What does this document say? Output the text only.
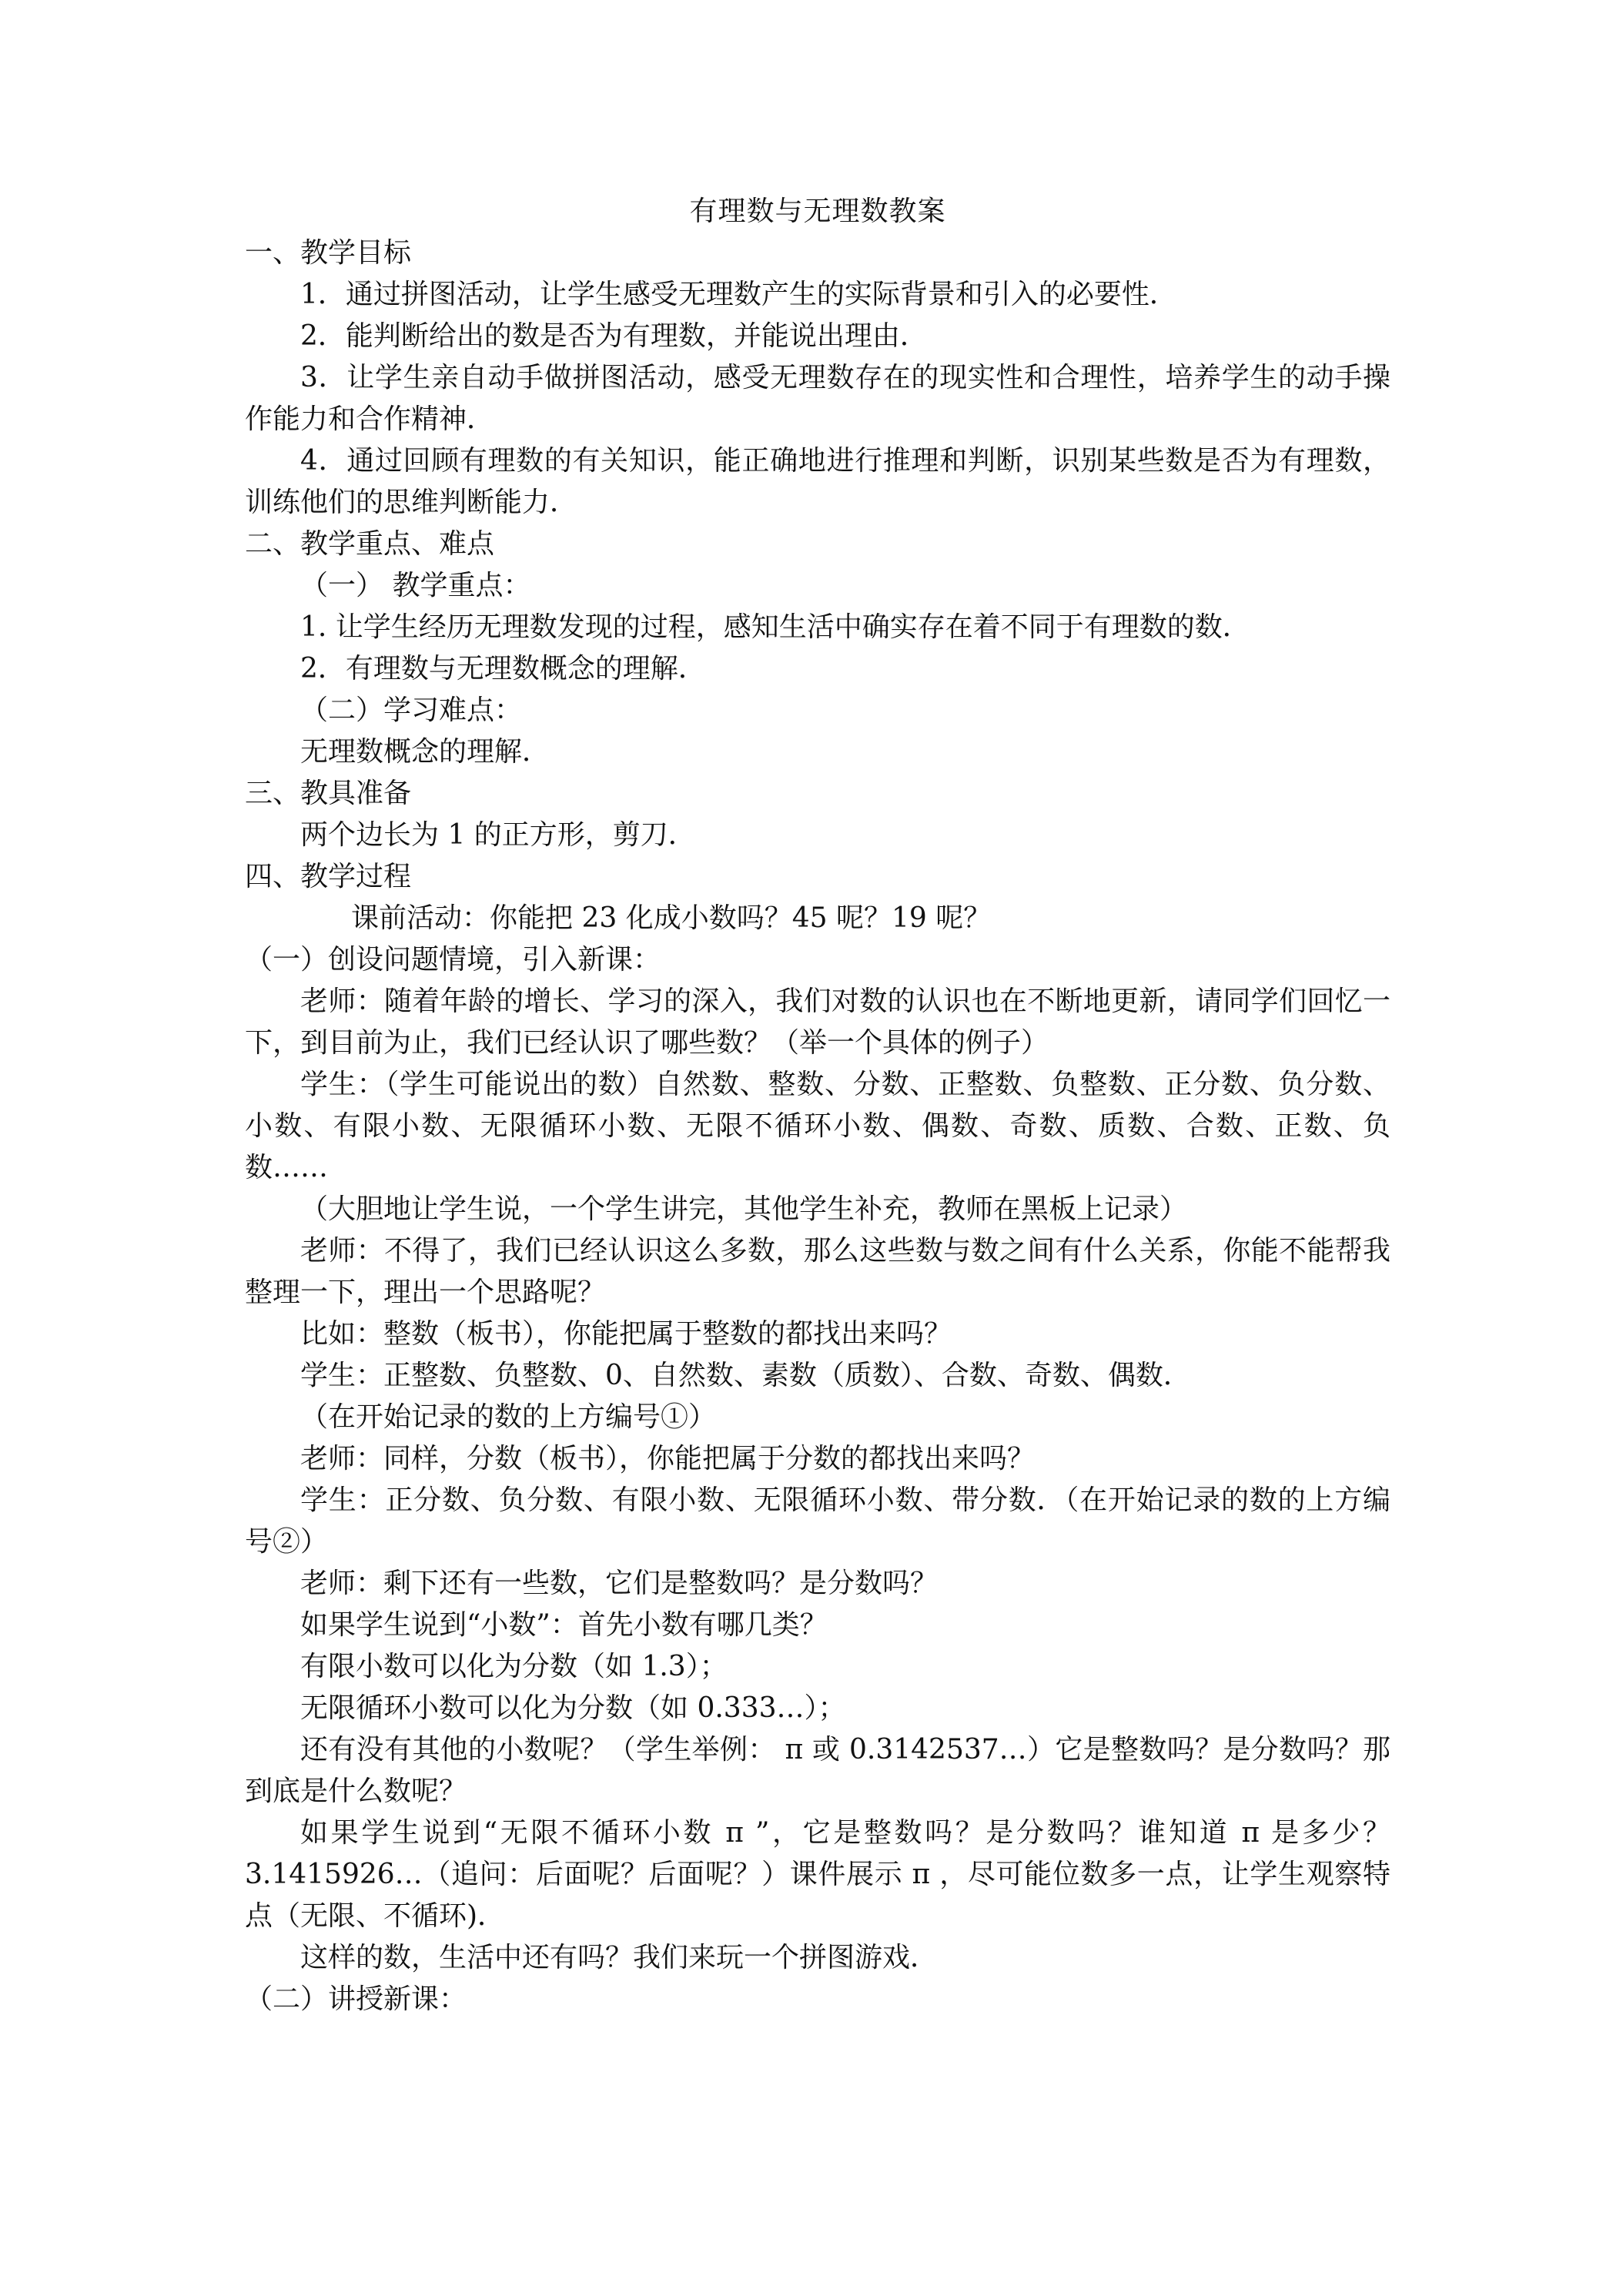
有理数与无理数教案

一、教学目标

1．通过拼图活动，让学生感受无理数产生的实际背景和引入的必要性．

2．能判断给出的数是否为有理数，并能说出理由．

3．让学生亲自动手做拼图活动，感受无理数存在的现实性和合理性，培养学生的动手操作能力和合作精神．

4．通过回顾有理数的有关知识，能正确地进行推理和判断，识别某些数是否为有理数，训练他们的思维判断能力．

二、教学重点、难点

（一） 教学重点：

1. 让学生经历无理数发现的过程，感知生活中确实存在着不同于有理数的数．

2．有理数与无理数概念的理解．

（二）学习难点：

无理数概念的理解．

三、教具准备

两个边长为 1 的正方形，剪刀．

四、教学过程

课前活动：你能把 23 化成小数吗？45 呢？19 呢？

（一）创设问题情境，引入新课：

老师：随着年龄的增长、学习的深入，我们对数的认识也在不断地更新，请同学们回忆一下，到目前为止，我们已经认识了哪些数？（举一个具体的例子）

学生：（学生可能说出的数）自然数、整数、分数、正整数、负整数、正分数、负分数、小数、有限小数、无限循环小数、无限不循环小数、偶数、奇数、质数、合数、正数、负数……

（大胆地让学生说，一个学生讲完，其他学生补充，教师在黑板上记录）

老师：不得了，我们已经认识这么多数，那么这些数与数之间有什么关系，你能不能帮我整理一下，理出一个思路呢？

比如：整数（板书），你能把属于整数的都找出来吗？

学生：正整数、负整数、0、自然数、素数（质数）、合数、奇数、偶数．

（在开始记录的数的上方编号①）

老师：同样，分数（板书），你能把属于分数的都找出来吗？

学生：正分数、负分数、有限小数、无限循环小数、带分数．（在开始记录的数的上方编号②）

老师：剩下还有一些数，它们是整数吗？是分数吗？

如果学生说到“小数”：首先小数有哪几类？

有限小数可以化为分数（如 1.3）；

无限循环小数可以化为分数（如 0.333…）；

还有没有其他的小数呢？（学生举例： π 或 0.3142537…）它是整数吗？是分数吗？那到底是什么数呢？

如果学生说到“无限不循环小数 π ”，它是整数吗？是分数吗？谁知道 π 是多少？3.1415926…（追问：后面呢？后面呢？）课件展示 π ，尽可能位数多一点，让学生观察特点（无限、不循环)．

这样的数，生活中还有吗？我们来玩一个拼图游戏．

（二）讲授新课：
